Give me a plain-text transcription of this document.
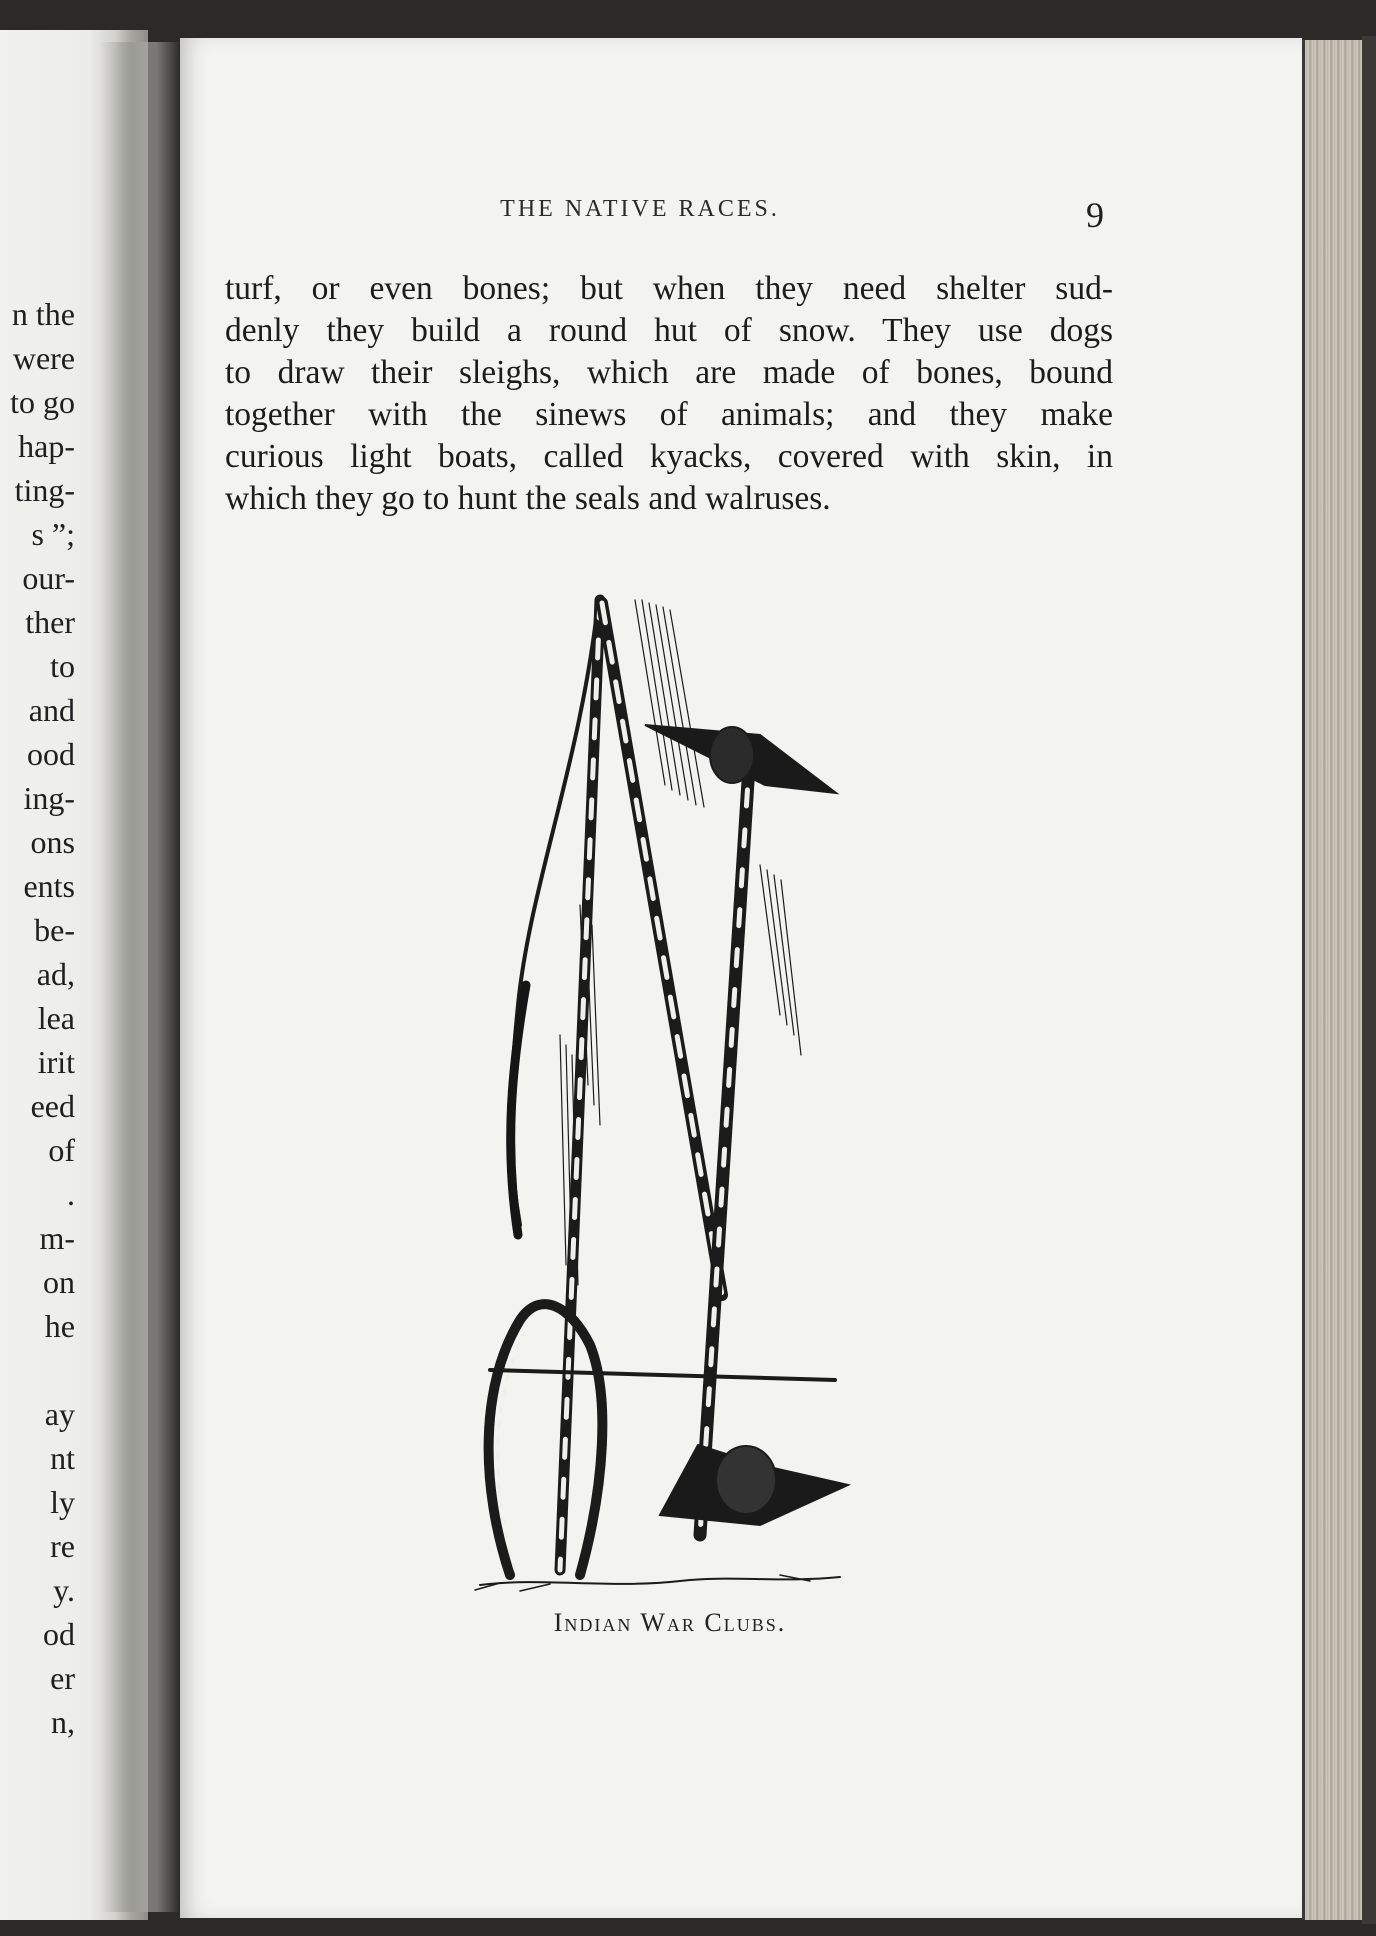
n the
were
to go
hap-
ting-
s ”;
our-
ther
to
and
ood
ing-
ons
ents
be-
ad,
lea
irit
eed
of
.
m-
on
he
ay
nt
ly
re
y.
od
er
n,
THE NATIVE RACES.	9
turf, or even bones; but when they need shelter sud-
denly they build a round hut of snow. They use dogs
to draw their sleighs, which are made of bones, bound
together with the sinews of animals; and they make
curious light boats, called kyacks, covered with skin, in
which they go to hunt the seals and walruses.
Indian War Clubs.
